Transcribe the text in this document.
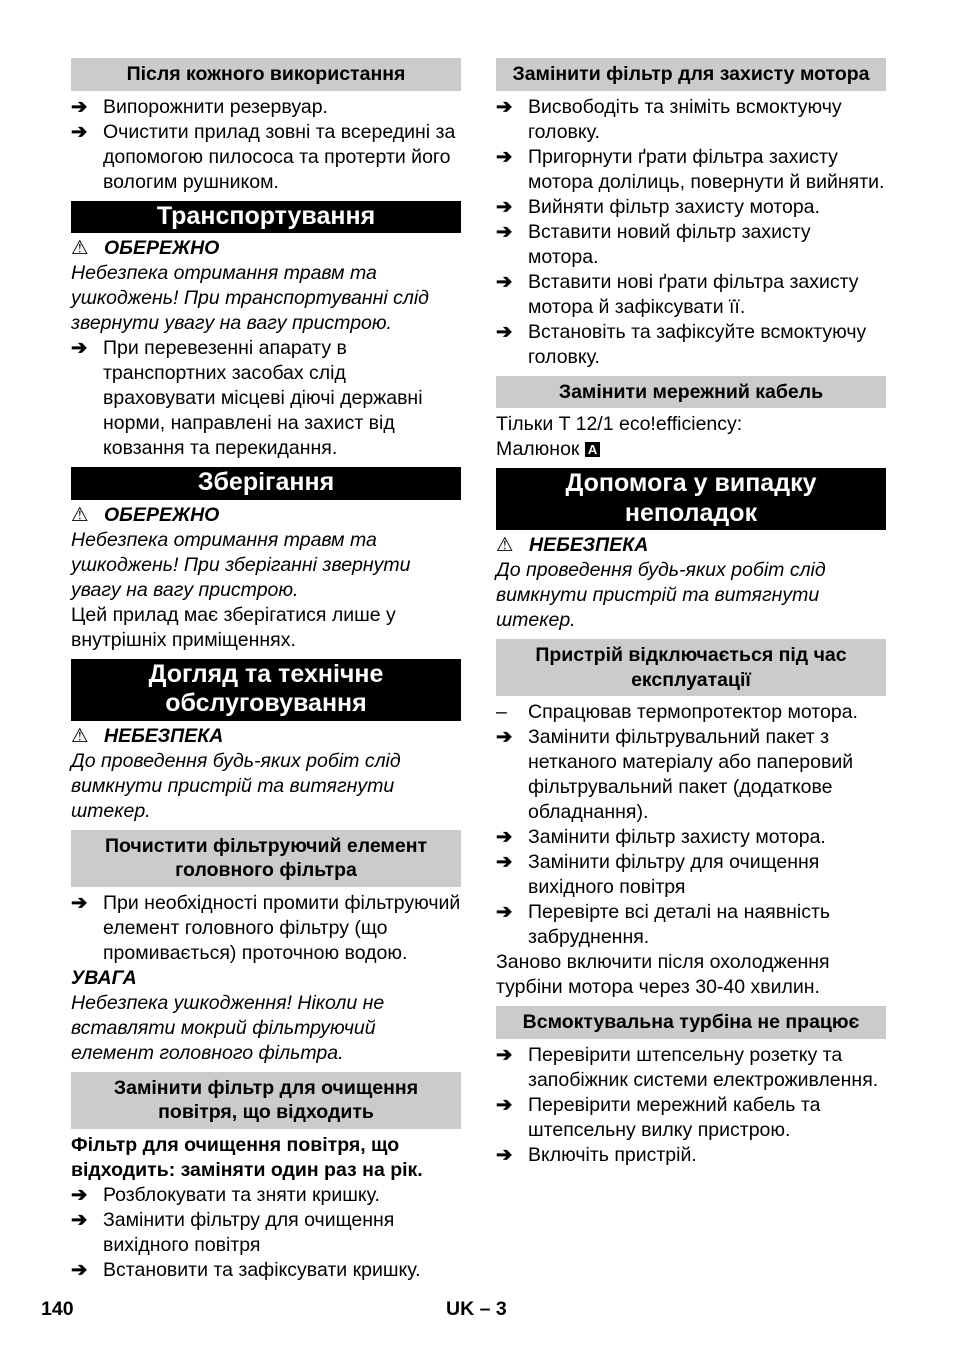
Після кожного використання
➔ Випорожнити резервуар.
➔ Очистити прилад зовні та всередині за допомогою пилососа та протерти його вологим рушником.
Транспортування

⚠ ОБЕРЕЖНО

Небезпека отримання травм та ушкоджень! При транспортуванні слід звернути увагу на вагу пристрою.

➔ При перевезенні апарату в транспортних засобах слід враховувати місцеві діючі державні норми, направлені на захист від ковзання та перекидання.
Зберігання

⚠ ОБЕРЕЖНО

Небезпека отримання травм та ушкоджень! При зберіганні звернути увагу на вагу пристрою.

Цей прилад має зберігатися лише у внутрішніх приміщеннях.

Догляд та технічне обслуговування

⚠ НЕБЕЗПЕКА

До проведення будь-яких робіт слід вимкнути пристрій та витягнути штекер.

Почистити фільтруючий елемент головного фільтра
➔ При необхідності промити фільтруючий елемент головного фільтру (що промивається) проточною водою.

УВАГА

Небезпека ушкодження! Ніколи не вставляти мокрий фільтруючий елемент головного фільтра.

Замінити фільтр для очищення повітря, що відходить

Фільтр для очищення повітря, що відходить: заміняти один раз на рік.

➔ Розблокувати та зняти кришку.
➔ Замінити фільтру для очищення вихідного повітря
➔ Встановити та зафіксувати кришку.
Замінити фільтр для захисту мотора
➔ Висвободіть та зніміть всмоктуючу головку.
➔ Пригорнути ґрати фільтра захисту мотора долілиць, повернути й вийняти.
➔ Вийняти фільтр захисту мотора.
➔ Вставити новий фільтр захисту мотора.
➔ Вставити нові ґрати фільтра захисту мотора й зафіксувати її.
➔ Встановіть та зафіксуйте всмоктуючу головку.
Замінити мережний кабель

Тільки T 12/1 eco!efficiency:

Малюнок A

Допомога у випадку неполадок

⚠ НЕБЕЗПЕКА

До проведення будь-яких робіт слід вимкнути пристрій та витягнути штекер.

Пристрій відключається під час експлуатації
–	Спрацював термопротектор мотора.
➔ Замінити фільтрувальний пакет з нетканого матеріалу або паперовий фільтрувальний пакет (додаткове обладнання).
➔ Замінити фільтр захисту мотора.
➔ Замінити фільтру для очищення вихідного повітря
➔ Перевірте всі деталі на наявність забруднення.

Заново включити після охолодження турбіни мотора через 30-40 хвилин.

Всмоктувальна турбіна не працює
➔ Перевірити штепсельну розетку та запобіжник системи електроживлення.
➔ Перевірити мережний кабель та штепсельну вилку пристрою.
➔ Включіть пристрій.
140	UK – 3
